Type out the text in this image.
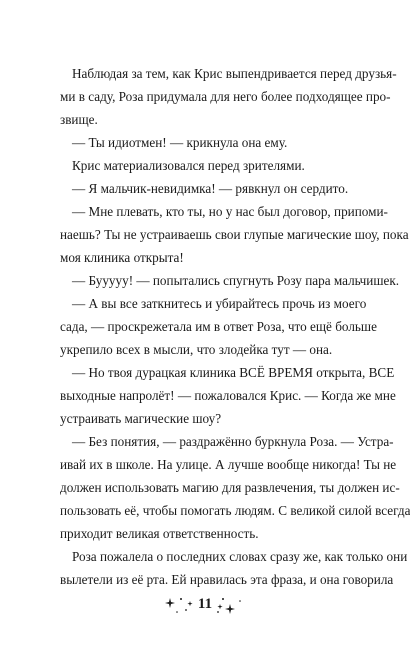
Наблюдая за тем, как Крис выпендривается перед друзья-
ми в саду, Роза придумала для него более подходящее про-
звище.
— Ты идиотмен! — крикнула она ему.
Крис материализовался перед зрителями.
— Я мальчик-невидимка! — рявкнул он сердито.
— Мне плевать, кто ты, но у нас был договор, припоми-
наешь? Ты не устраиваешь свои глупые магические шоу, пока
моя клиника открыта!
— Бууууу! — попытались спугнуть Розу пара мальчишек.
— А вы все заткнитесь и убирайтесь прочь из моего
сада, — проскрежетала им в ответ Роза, что ещё больше
укрепило всех в мысли, что злодейка тут — она.
— Но твоя дурацкая клиника ВСЁ ВРЕМЯ открыта, ВСЕ
выходные напролёт! — пожаловался Крис. — Когда же мне
устраивать магические шоу?
— Без понятия, — раздражённо буркнула Роза. — Устра-
ивай их в школе. На улице. А лучше вообще никогда! Ты не
должен использовать магию для развлечения, ты должен ис-
пользовать её, чтобы помогать людям. С великой силой всегда
приходит великая ответственность.
Роза пожалела о последних словах сразу же, как только они
вылетели из её рта. Ей нравилась эта фраза, и она говорила
11
